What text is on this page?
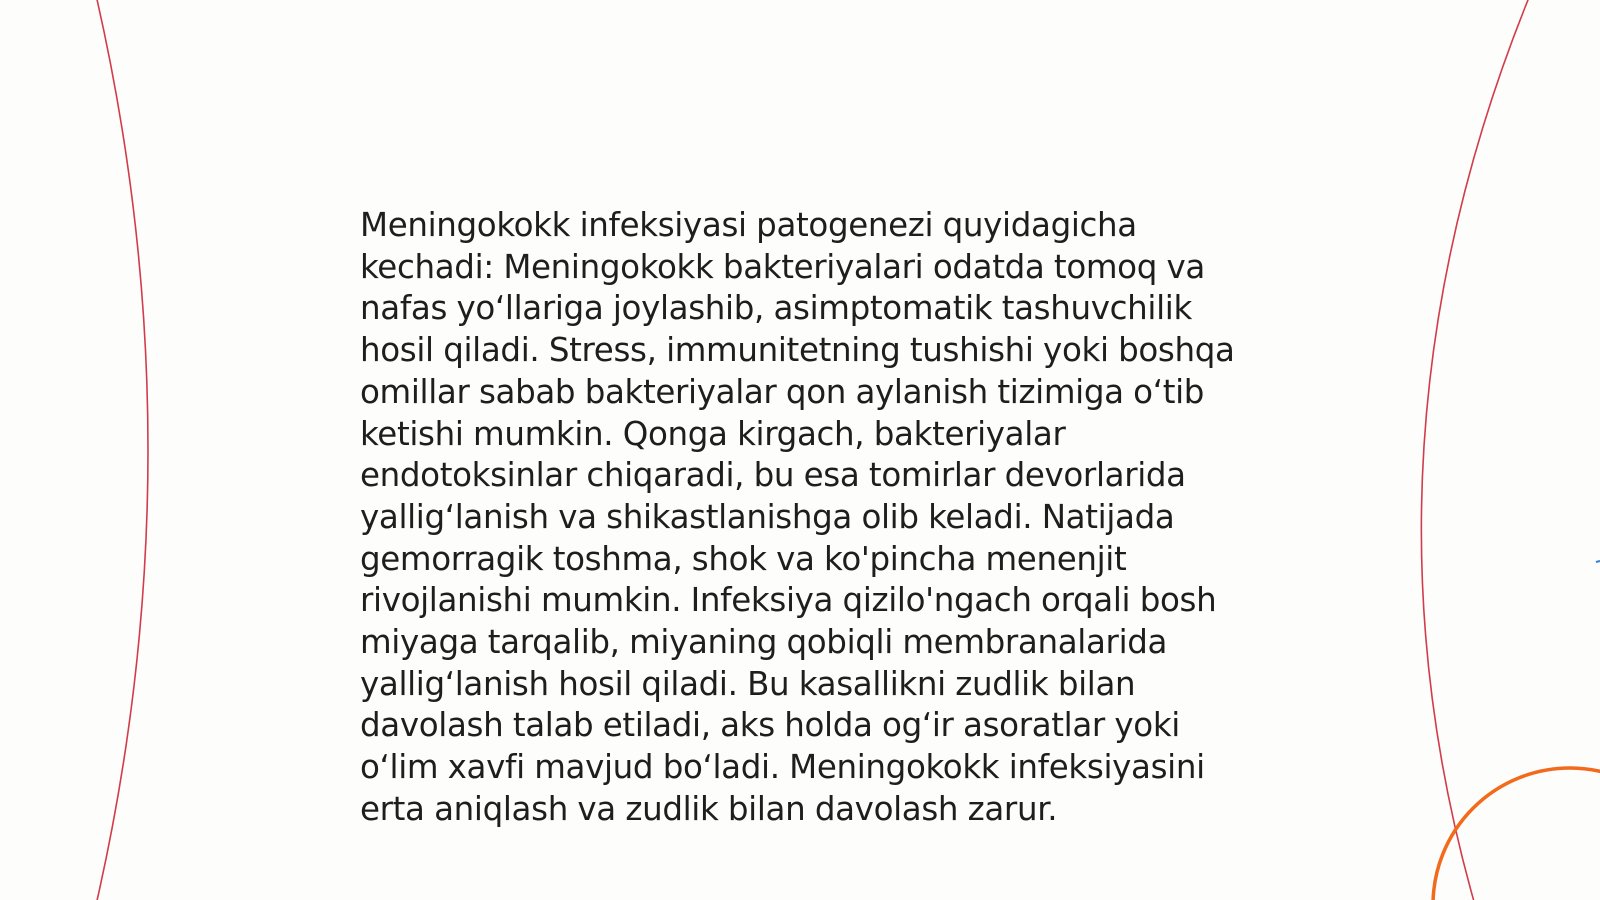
Meningokokk infeksiyasi patogenezi quyidagicha kechadi: Meningokokk bakteriyalari odatda tomoq va nafas yo‘llariga joylashib, asimptomatik tashuvchilik hosil qiladi. Stress, immunitetning tushishi yoki boshqa omillar sabab bakteriyalar qon aylanish tizimiga o‘tib ketishi mumkin. Qonga kirgach, bakteriyalar endotoksinlar chiqaradi, bu esa tomirlar devorlarida yallig‘lanish va shikastlanishga olib keladi. Natijada gemorragik toshma, shok va ko'pincha menenjit rivojlanishi mumkin. Infeksiya qizilo'ngach orqali bosh miyaga tarqalib, miyaning qobiqli membranalarida yallig‘lanish hosil qiladi. Bu kasallikni zudlik bilan davolash talab etiladi, aks holda og‘ir asoratlar yoki o‘lim xavfi mavjud bo‘ladi. Meningokokk infeksiyasini erta aniqlash va zudlik bilan davolash zarur.
